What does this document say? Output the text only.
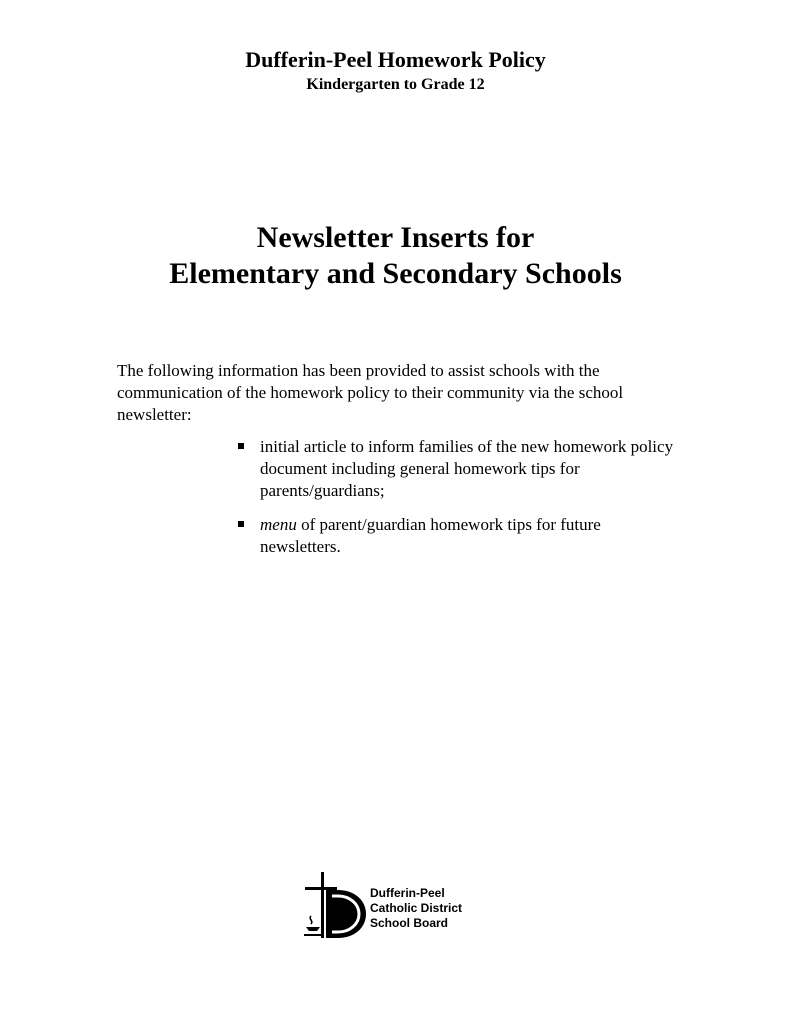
Dufferin-Peel Homework Policy
Kindergarten to Grade 12
Newsletter Inserts for
Elementary and Secondary Schools

The following information has been provided to assist schools with the communication of the homework policy to their community via the school newsletter:

initial article to inform families of the new homework policy document including general homework tips for parents/guardians;
menu of parent/guardian homework tips for future newsletters.
Dufferin-Peel
Catholic District
School Board
